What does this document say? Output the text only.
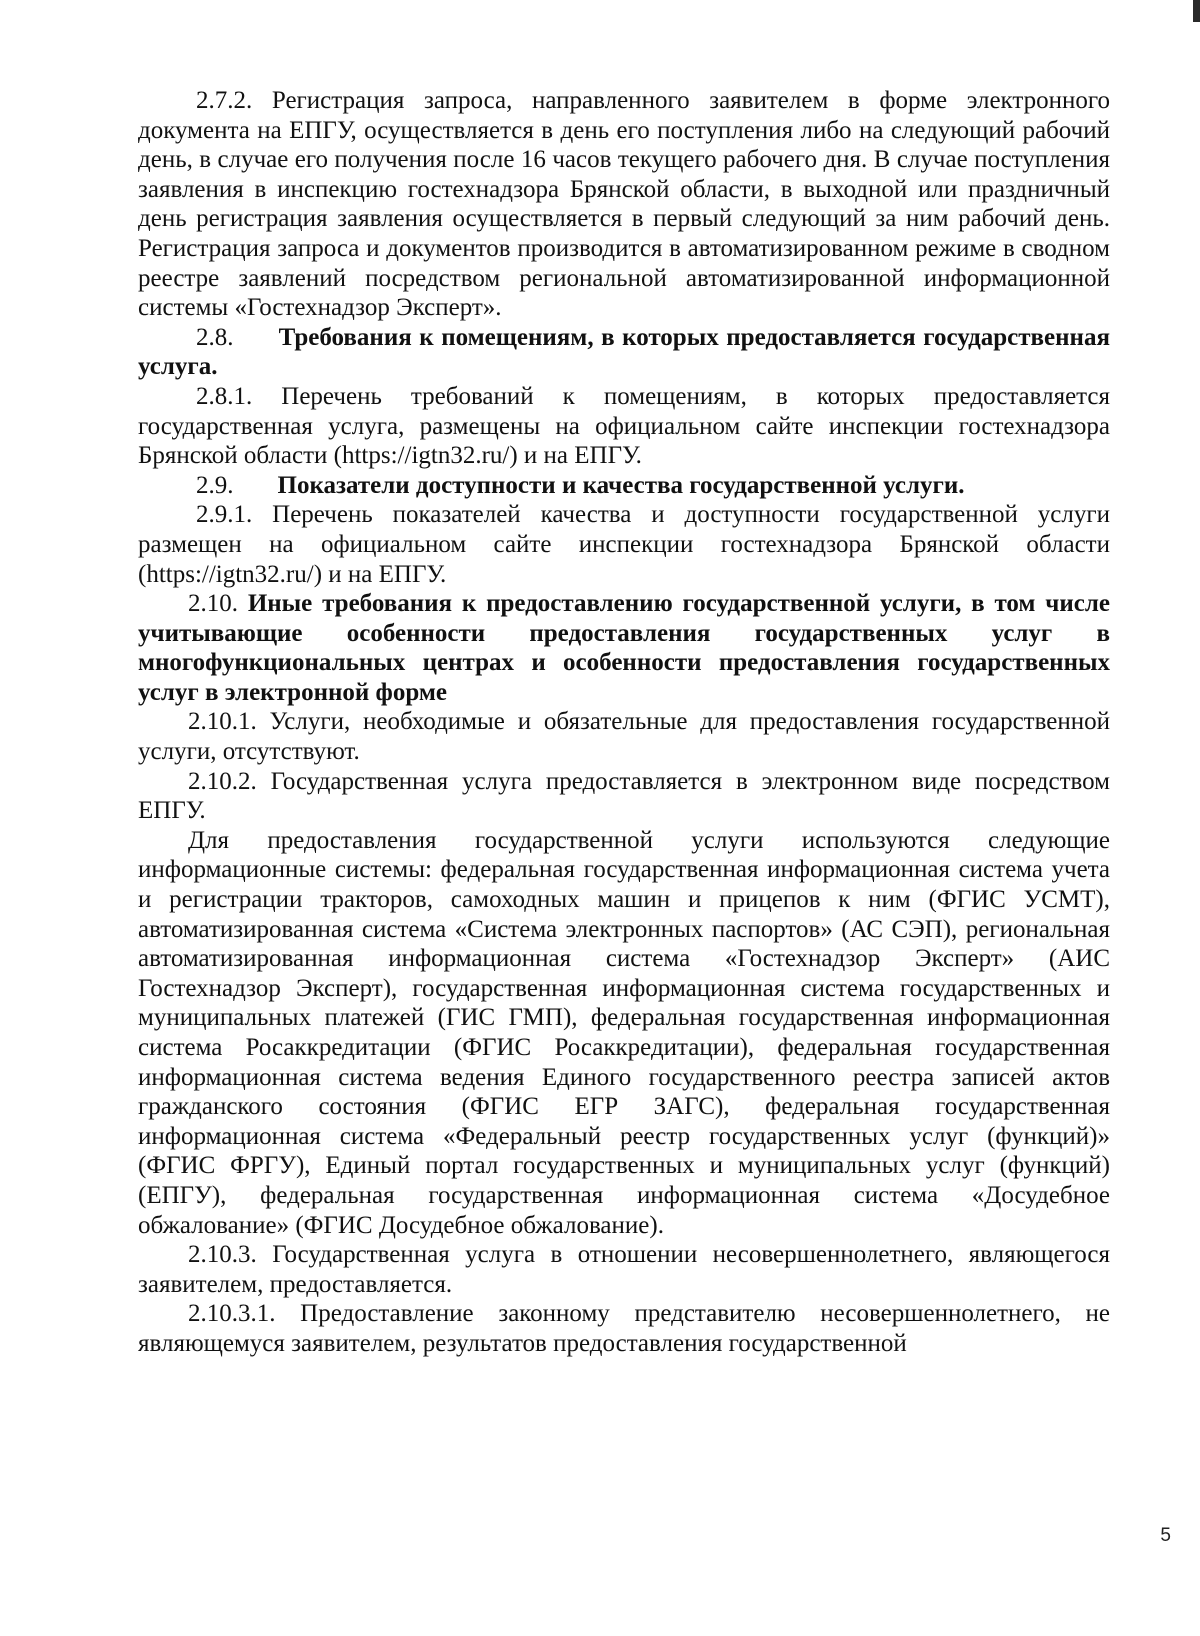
2.7.2. Регистрация запроса, направленного заявителем в форме электронного документа на ЕПГУ, осуществляется в день его поступления либо на следующий рабочий день, в случае его получения после 16 часов текущего рабочего дня. В случае поступления заявления в инспекцию гостехнадзора Брянской области, в выходной или праздничный день регистрация заявления осуществляется в первый следующий за ним рабочий день. Регистрация запроса и документов производится в автоматизированном режиме в сводном реестре заявлений посредством региональной автоматизированной информационной системы «Гостехнадзор Эксперт».

2.8. Требования к помещениям, в которых предоставляется государственная услуга.

2.8.1. Перечень требований к помещениям, в которых предоставляется государственная услуга, размещены на официальном сайте инспекции гостехнадзора Брянской области (https://igtn32.ru/) и на ЕПГУ.

2.9. Показатели доступности и качества государственной услуги.

2.9.1. Перечень показателей качества и доступности государственной услуги размещен на официальном сайте инспекции гостехнадзора Брянской области (https://igtn32.ru/) и на ЕПГУ.

2.10. Иные требования к предоставлению государственной услуги, в том числе учитывающие особенности предоставления государственных услуг в многофункциональных центрах и особенности предоставления государственных услуг в электронной форме

2.10.1. Услуги, необходимые и обязательные для предоставления государственной услуги, отсутствуют.

2.10.2. Государственная услуга предоставляется в электронном виде посредством ЕПГУ.

Для предоставления государственной услуги используются следующие информационные системы: федеральная государственная информационная система учета и регистрации тракторов, самоходных машин и прицепов к ним (ФГИС УСМТ), автоматизированная система «Система электронных паспортов» (АС СЭП), региональная автоматизированная информационная система «Гостехнадзор Эксперт» (АИС Гостехнадзор Эксперт), государственная информационная система государственных и муниципальных платежей (ГИС ГМП), федеральная государственная информационная система Росаккредитации (ФГИС Росаккредитации), федеральная государственная информационная система ведения Единого государственного реестра записей актов гражданского состояния (ФГИС ЕГР ЗАГС), федеральная государственная информационная система «Федеральный реестр государственных услуг (функций)» (ФГИС ФРГУ), Единый портал государственных и муниципальных услуг (функций) (ЕПГУ), федеральная государственная информационная система «Досудебное обжалование» (ФГИС Досудебное обжалование).

2.10.3. Государственная услуга в отношении несовершеннолетнего, являющегося заявителем, предоставляется.

2.10.3.1. Предоставление законному представителю несовершеннолетнего, не являющемуся заявителем, результатов предоставления государственной

5
